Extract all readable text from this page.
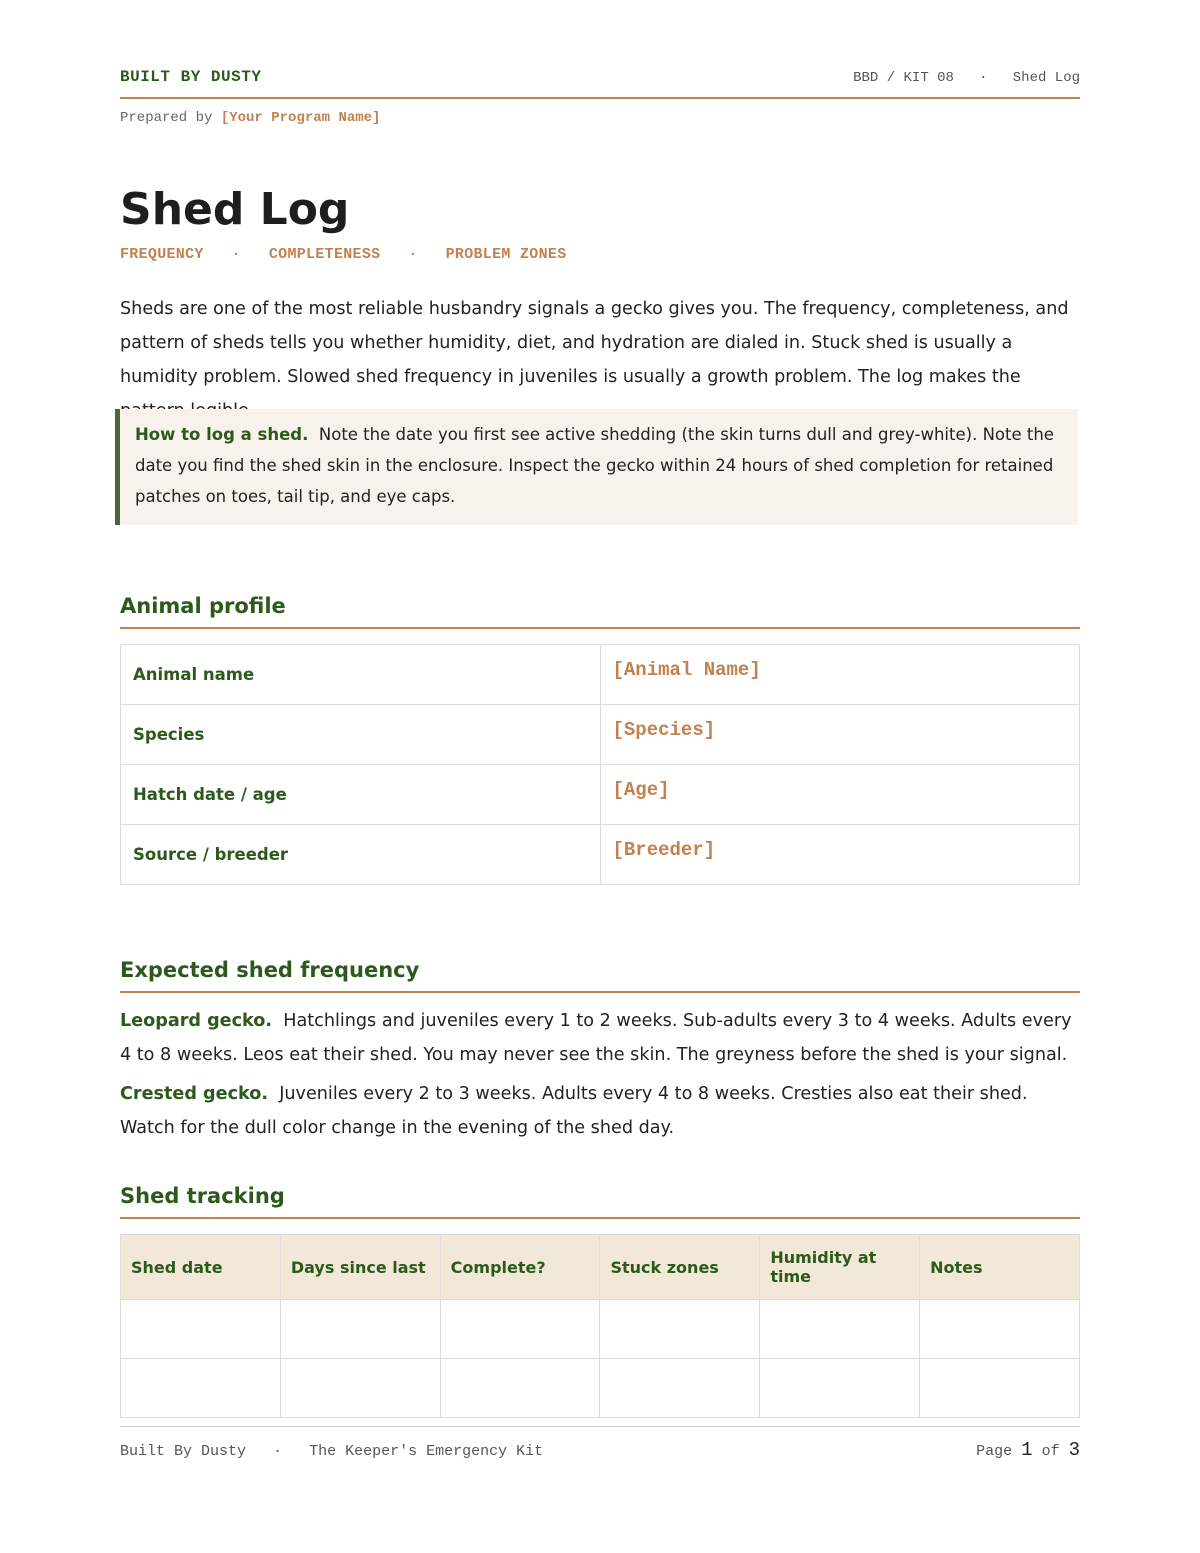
BUILT BY DUSTY	BBD / KIT 08 · Shed Log
Prepared by [Your Program Name]
Shed Log
FREQUENCY · COMPLETENESS · PROBLEM ZONES

Sheds are one of the most reliable husbandry signals a gecko gives you. The frequency, completeness, and pattern of sheds tells you whether humidity, diet, and hydration are dialed in. Stuck shed is usually a humidity problem. Slowed shed frequency in juveniles is usually a growth problem. The log makes the

How to log a shed. Note the date you first see active shedding (the skin turns dull and grey-white). Note the date you find the shed skin in the enclosure. Inspect the gecko within 24 hours of shed completion for retained patches on toes, tail tip, and eye caps.

Animal profile
Animal name	[Animal Name]
Species	[Species]
Hatch date / age	[Age]
Source / breeder	[Breeder]
Expected shed frequency

Leopard gecko. Hatchlings and juveniles every 1 to 2 weeks. Sub-adults every 3 to 4 weeks. Adults every 4 to 8 weeks. Leos eat their shed. You may never see the skin. The greyness before the shed is your signal.

Crested gecko. Juveniles every 2 to 3 weeks. Adults every 4 to 8 weeks. Cresties also eat their shed. Watch for the dull color change in the evening of the shed day.

Shed tracking
Shed date	Days since last	Complete?	Stuck zones	Humidity at time	Notes

Built By Dusty · The Keeper's Emergency Kit	Page 1 of 3
